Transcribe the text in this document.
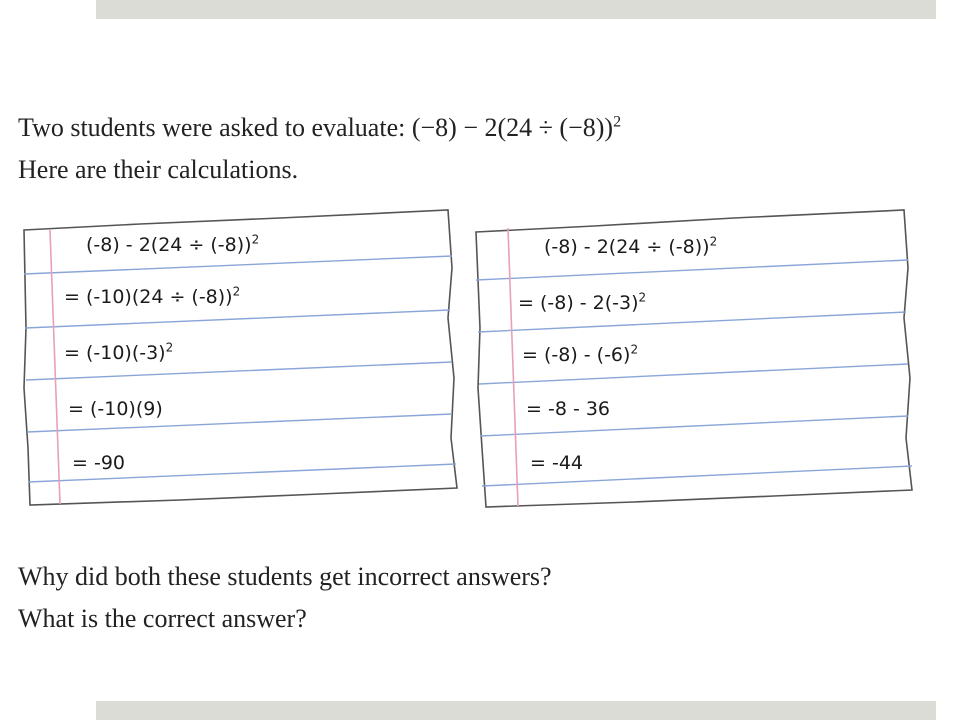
Two students were asked to evaluate: $(-8) - 2(24 \div (-8))^2$
Here are their calculations.
$(-8) - 2(24 \div (-8))^2$
= $(-10)(24 \div (-8))^2$
= $(-10)(-3)^2$
= (-10)(9)
= -90
$(-8) - 2(24 \div (-8))^2$
= $(-8) - 2(-3)^2$
= $(-8) - (-6)^2$
= -8 - 36
= -44
Why did both these students get incorrect answers?
What is the correct answer?
